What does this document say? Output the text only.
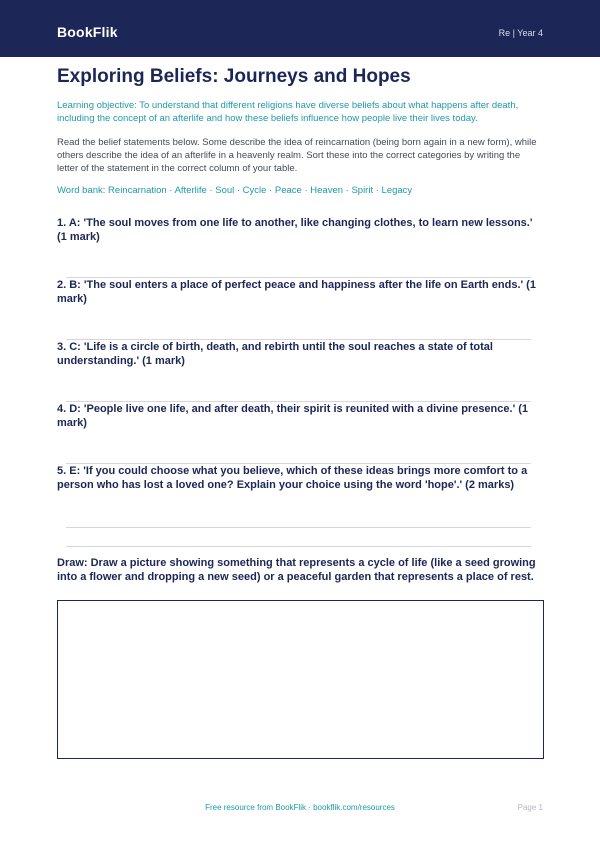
BookFlik	Re | Year 4
Exploring Beliefs: Journeys and Hopes
Learning objective: To understand that different religions have diverse beliefs about what happens after death, including the concept of an afterlife and how these beliefs influence how people live their lives today.
Read the belief statements below. Some describe the idea of reincarnation (being born again in a new form), while others describe the idea of an afterlife in a heavenly realm. Sort these into the correct categories by writing the letter of the statement in the correct column of your table.
Word bank: Reincarnation · Afterlife · Soul · Cycle · Peace · Heaven · Spirit · Legacy
1. A: 'The soul moves from one life to another, like changing clothes, to learn new lessons.' (1 mark)
2. B: 'The soul enters a place of perfect peace and happiness after the life on Earth ends.' (1 mark)
3. C: 'Life is a circle of birth, death, and rebirth until the soul reaches a state of total understanding.' (1 mark)
4. D: 'People live one life, and after death, their spirit is reunited with a divine presence.' (1 mark)
5. E: 'If you could choose what you believe, which of these ideas brings more comfort to a person who has lost a loved one? Explain your choice using the word 'hope'.' (2 marks)
Draw: Draw a picture showing something that represents a cycle of life (like a seed growing into a flower and dropping a new seed) or a peaceful garden that represents a place of rest.
Free resource from BookFlik · bookflik.com/resources	Page 1
